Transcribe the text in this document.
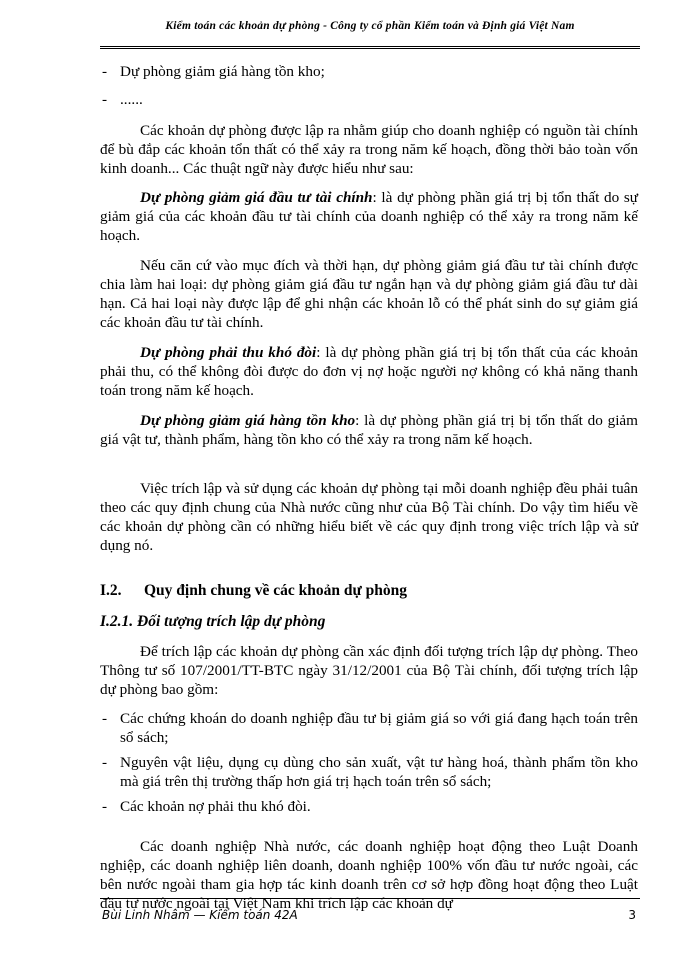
Kiểm toán các khoản dự phòng - Công ty cổ phần Kiểm toán và Định giá Việt Nam

- Dự phòng giảm giá hàng tồn kho;

- ......

Các khoản dự phòng được lập ra nhằm giúp cho doanh nghiệp có nguồn tài chính để bù đắp các khoản tổn thất có thể xảy ra trong năm kế hoạch, đồng thời bảo toàn vốn kinh doanh... Các thuật ngữ này được hiểu như sau:

Dự phòng giảm giá đầu tư tài chính: là dự phòng phần giá trị bị tổn thất do sự giảm giá của các khoản đầu tư tài chính của doanh nghiệp có thể xảy ra trong năm kế hoạch.

Nếu căn cứ vào mục đích và thời hạn, dự phòng giảm giá đầu tư tài chính được chia làm hai loại: dự phòng giảm giá đầu tư ngắn hạn và dự phòng giảm giá đầu tư dài hạn. Cả hai loại này được lập để ghi nhận các khoản lỗ có thể phát sinh do sự giảm giá các khoản đầu tư tài chính.

Dự phòng phải thu khó đòi: là dự phòng phần giá trị bị tổn thất của các khoản phải thu, có thể không đòi được do đơn vị nợ hoặc người nợ không có khả năng thanh toán trong năm kế hoạch.

Dự phòng giảm giá hàng tồn kho: là dự phòng phần giá trị bị tổn thất do giảm giá vật tư, thành phẩm, hàng tồn kho có thể xảy ra trong năm kế hoạch.

Việc trích lập và sử dụng các khoản dự phòng tại mỗi doanh nghiệp đều phải tuân theo các quy định chung của Nhà nước cũng như của Bộ Tài chính. Do vậy tìm hiểu về các khoản dự phòng cần có những hiểu biết về các quy định trong việc trích lập và sử dụng nó.

I.2. Quy định chung về các khoản dự phòng

I.2.1. Đối tượng trích lập dự phòng

Để trích lập các khoản dự phòng cần xác định đối tượng trích lập dự phòng. Theo Thông tư số 107/2001/TT-BTC ngày 31/12/2001 của Bộ Tài chính, đối tượng trích lập dự phòng bao gồm:

- Các chứng khoán do doanh nghiệp đầu tư bị giảm giá so với giá đang hạch toán trên sổ sách;

- Nguyên vật liệu, dụng cụ dùng cho sản xuất, vật tư hàng hoá, thành phẩm tồn kho mà giá trên thị trường thấp hơn giá trị hạch toán trên sổ sách;

- Các khoản nợ phải thu khó đòi.

Các doanh nghiệp Nhà nước, các doanh nghiệp hoạt động theo Luật Doanh nghiệp, các doanh nghiệp liên doanh, doanh nghiệp 100% vốn đầu tư nước ngoài, các bên nước ngoài tham gia hợp tác kinh doanh trên cơ sở hợp đồng hoạt động theo Luật đầu tư nước ngoài tại Việt Nam khi trích lập các khoản dự

Bùi Linh Nhâm — Kiểm toán 42A	3
